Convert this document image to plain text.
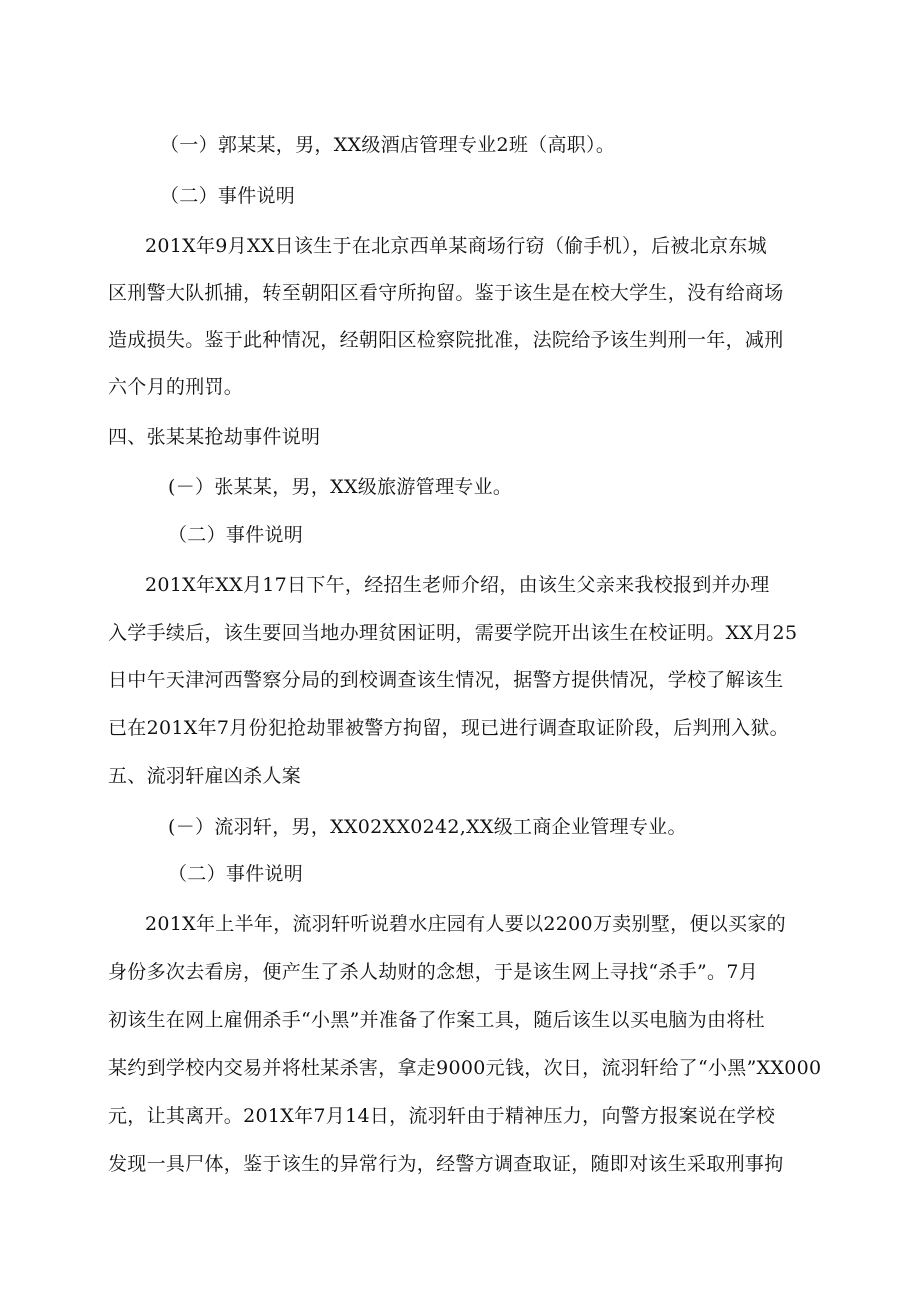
（一）郭某某，男，XX级酒店管理专业2班（高职）。
（二）事件说明
201X年9月XX日该生于在北京西单某商场行窃（偷手机），后被北京东城
区刑警大队抓捕，转至朝阳区看守所拘留。鉴于该生是在校大学生，没有给商场
造成损失。鉴于此种情况，经朝阳区检察院批准，法院给予该生判刑一年，减刑
六个月的刑罚。
四、张某某抢劫事件说明
(－）张某某，男，XX级旅游管理专业。
（二）事件说明
201X年XX月17日下午，经招生老师介绍，由该生父亲来我校报到并办理
入学手续后，该生要回当地办理贫困证明，需要学院开出该生在校证明。XX月25
日中午天津河西警察分局的到校调查该生情况，据警方提供情况，学校了解该生
已在201X年7月份犯抢劫罪被警方拘留，现已进行调查取证阶段，后判刑入狱。
五、流羽轩雇凶杀人案
(－）流羽轩，男，XX02XX0242,XX级工商企业管理专业。
（二）事件说明
201X年上半年，流羽轩听说碧水庄园有人要以2200万卖别墅，便以买家的
身份多次去看房，便产生了杀人劫财的念想，于是该生网上寻找“杀手”。7月
初该生在网上雇佣杀手“小黑”并准备了作案工具，随后该生以买电脑为由将杜
某约到学校内交易并将杜某杀害，拿走9000元钱，次日，流羽轩给了“小黑”XX000
元，让其离开。201X年7月14日，流羽轩由于精神压力，向警方报案说在学校
发现一具尸体，鉴于该生的异常行为，经警方调查取证，随即对该生采取刑事拘
